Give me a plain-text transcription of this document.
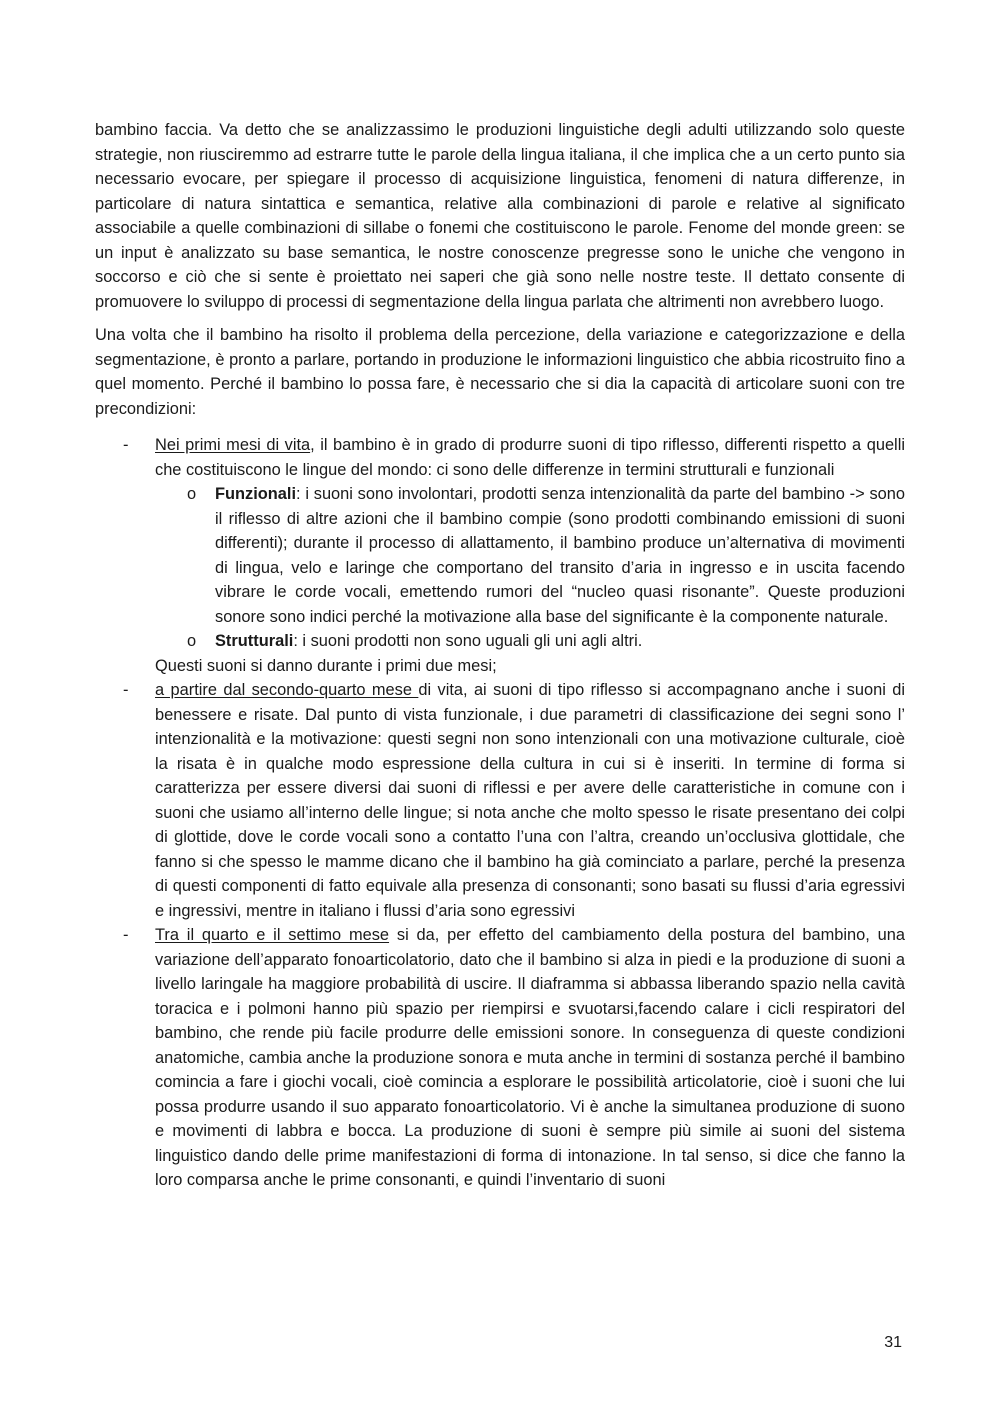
bambino faccia. Va detto che se analizzassimo le produzioni linguistiche degli adulti utilizzando solo queste strategie, non riusciremmo ad estrarre tutte le parole della lingua italiana, il che implica che a un certo punto sia necessario evocare, per spiegare il processo di acquisizione linguistica, fenomeni di natura differenze, in particolare di natura sintattica e semantica, relative alla combinazioni di parole e relative al significato associabile a quelle combinazioni di sillabe o fonemi che costituiscono le parole. Fenome del monde green: se un input è analizzato su base semantica, le nostre conoscenze pregresse sono le uniche che vengono in soccorso e ciò che si sente è proiettato nei saperi che già sono nelle nostre teste. Il dettato consente di promuovere lo sviluppo di processi di segmentazione della lingua parlata che altrimenti non avrebbero luogo.

Una volta che il bambino ha risolto il problema della percezione, della variazione e categorizzazione e della segmentazione, è pronto a parlare, portando in produzione le informazioni linguistico che abbia ricostruito fino a quel momento. Perché il bambino lo possa fare, è necessario che si dia la capacità di articolare suoni con tre precondizioni:

- Nei primi mesi di vita, il bambino è in grado di produrre suoni di tipo riflesso, differenti rispetto a quelli che costituiscono le lingue del mondo: ci sono delle differenze in termini strutturali e funzionali
o Funzionali: i suoni sono involontari, prodotti senza intenzionalità da parte del bambino -> sono il riflesso di altre azioni che il bambino compie (sono prodotti combinando emissioni di suoni differenti); durante il processo di allattamento, il bambino produce un’alternativa di movimenti di lingua, velo e laringe che comportano del transito d’aria in ingresso e in uscita facendo vibrare le corde vocali, emettendo rumori del “nucleo quasi risonante”. Queste produzioni sonore sono indici perché la motivazione alla base del significante è la componente naturale.
o Strutturali: i suoni prodotti non sono uguali gli uni agli altri.
Questi suoni si danno durante i primi due mesi;
- a partire dal secondo-quarto mese di vita, ai suoni di tipo riflesso si accompagnano anche i suoni di benessere e risate. Dal punto di vista funzionale, i due parametri di classificazione dei segni sono l’ intenzionalità e la motivazione: questi segni non sono intenzionali con una motivazione culturale, cioè la risata è in qualche modo espressione della cultura in cui si è inseriti. In termine di forma si caratterizza per essere diversi dai suoni di riflessi e per avere delle caratteristiche in comune con i suoni che usiamo all’interno delle lingue; si nota anche che molto spesso le risate presentano dei colpi di glottide, dove le corde vocali sono a contatto l’una con l’altra, creando un’occlusiva glottidale, che fanno si che spesso le mamme dicano che il bambino ha già cominciato a parlare, perché la presenza di questi componenti di fatto equivale alla presenza di consonanti; sono basati su flussi d’aria egressivi e ingressivi, mentre in italiano i flussi d’aria sono egressivi
- Tra il quarto e il settimo mese si da, per effetto del cambiamento della postura del bambino, una variazione dell’apparato fonoarticolatorio, dato che il bambino si alza in piedi e la produzione di suoni a livello laringale ha maggiore probabilità di uscire. Il diaframma si abbassa liberando spazio nella cavità toracica e i polmoni hanno più spazio per riempirsi e svuotarsi,facendo calare i cicli respiratori del bambino, che rende più facile produrre delle emissioni sonore. In conseguenza di queste condizioni anatomiche, cambia anche la produzione sonora e muta anche in termini di sostanza perché il bambino comincia a fare i giochi vocali, cioè comincia a esplorare le possibilità articolatorie, cioè i suoni che lui possa produrre usando il suo apparato fonoarticolatorio. Vi è anche la simultanea produzione di suono e movimenti di labbra e bocca. La produzione di suoni è sempre più simile ai suoni del sistema linguistico dando delle prime manifestazioni di forma di intonazione. In tal senso, si dice che fanno la loro comparsa anche le prime consonanti, e quindi l’inventario di suoni
31
